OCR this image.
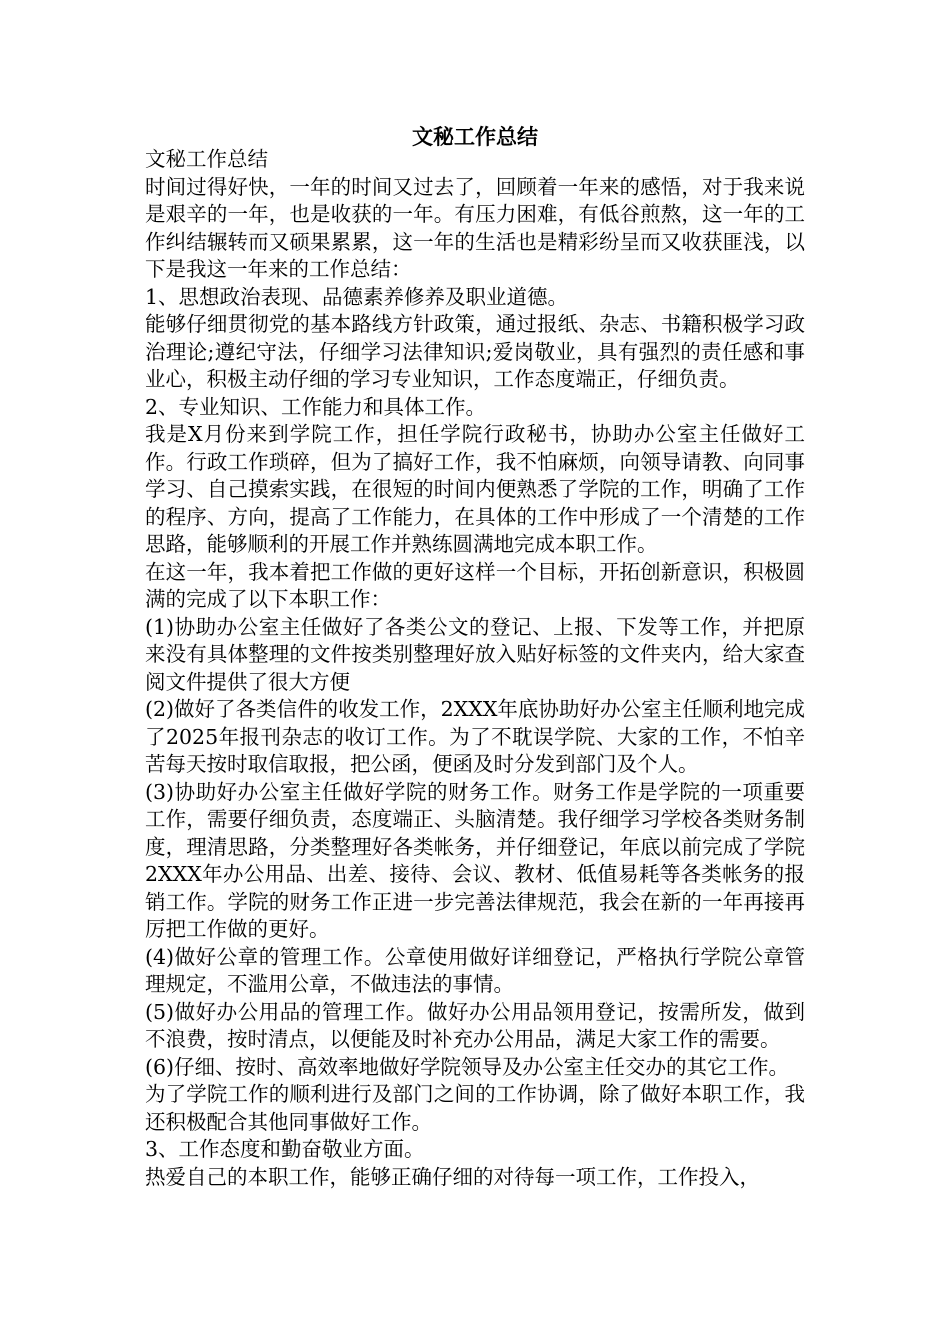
文秘工作总结

文秘工作总结

时间过得好快，一年的时间又过去了，回顾着一年来的感悟，对于我来说是艰辛的一年，也是收获的一年。有压力困难，有低谷煎熬，这一年的工作纠结辗转而又硕果累累，这一年的生活也是精彩纷呈而又收获匪浅，以下是我这一年来的工作总结：

1、思想政治表现、品德素养修养及职业道德。

能够仔细贯彻党的基本路线方针政策，通过报纸、杂志、书籍积极学习政治理论;遵纪守法，仔细学习法律知识;爱岗敬业，具有强烈的责任感和事业心，积极主动仔细的学习专业知识，工作态度端正，仔细负责。

2、专业知识、工作能力和具体工作。

我是X月份来到学院工作，担任学院行政秘书，协助办公室主任做好工作。行政工作琐碎，但为了搞好工作，我不怕麻烦，向领导请教、向同事学习、自己摸索实践，在很短的时间内便熟悉了学院的工作，明确了工作的程序、方向，提高了工作能力，在具体的工作中形成了一个清楚的工作思路，能够顺利的开展工作并熟练圆满地完成本职工作。

在这一年，我本着把工作做的更好这样一个目标，开拓创新意识，积极圆满的完成了以下本职工作：

(1)协助办公室主任做好了各类公文的登记、上报、下发等工作，并把原来没有具体整理的文件按类别整理好放入贴好标签的文件夹内，给大家查阅文件提供了很大方便

(2)做好了各类信件的收发工作，2XXX年底协助好办公室主任顺利地完成了2025年报刊杂志的收订工作。为了不耽误学院、大家的工作，不怕辛苦每天按时取信取报，把公函，便函及时分发到部门及个人。

(3)协助好办公室主任做好学院的财务工作。财务工作是学院的一项重要工作，需要仔细负责，态度端正、头脑清楚。我仔细学习学校各类财务制度，理清思路，分类整理好各类帐务，并仔细登记，年底以前完成了学院2XXX年办公用品、出差、接待、会议、教材、低值易耗等各类帐务的报销工作。学院的财务工作正进一步完善法律规范，我会在新的一年再接再厉把工作做的更好。

(4)做好公章的管理工作。公章使用做好详细登记，严格执行学院公章管理规定，不滥用公章，不做违法的事情。

(5)做好办公用品的管理工作。做好办公用品领用登记，按需所发，做到不浪费，按时清点，以便能及时补充办公用品，满足大家工作的需要。

(6)仔细、按时、高效率地做好学院领导及办公室主任交办的其它工作。

为了学院工作的顺利进行及部门之间的工作协调，除了做好本职工作，我还积极配合其他同事做好工作。

3、工作态度和勤奋敬业方面。

热爱自己的本职工作，能够正确仔细的对待每一项工作，工作投入，
